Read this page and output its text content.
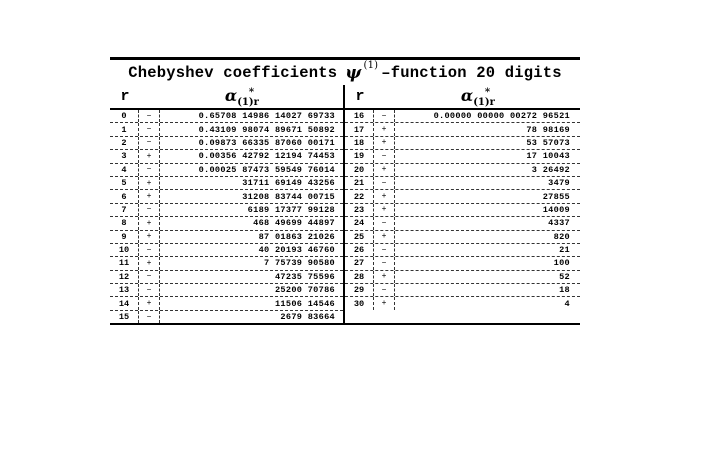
Chebyshev coefficients ψ (1) –function 20 digits
r	$\alpha_{(1)r}^*$
0	−	0.65708 14986 14027 69733
1	−	0.43109 98074 89671 50892
2	−	0.09873 66335 87060 00171
3	+	0.00356 42792 12194 74453
4	−	0.00025 87473 59549 76014
5	+	31711 69149 43256
6	+	31208 83744 00715
7	−	6189 17377 99128
8	+	468 49699 44897
9	+	87 01863 21026
10	−	40 20193 46760
11	+	7 75739 90580
12	−	47235 75596
13	−	25200 70786
14	+	11506 14546
15	−	2679 83664
r	$\alpha_{(1)r}^*$
16	−	0.00000 00000 00272 96521
17	+	78 98169
18	+	53 57073
19	−	17 10043
20	+	3 26492
21	−	3479
22	+	27855
23	+	14009
24	−	4337
25	+	820
26	−	21
27	−	100
28	+	52
29	−	18
30	+	4
